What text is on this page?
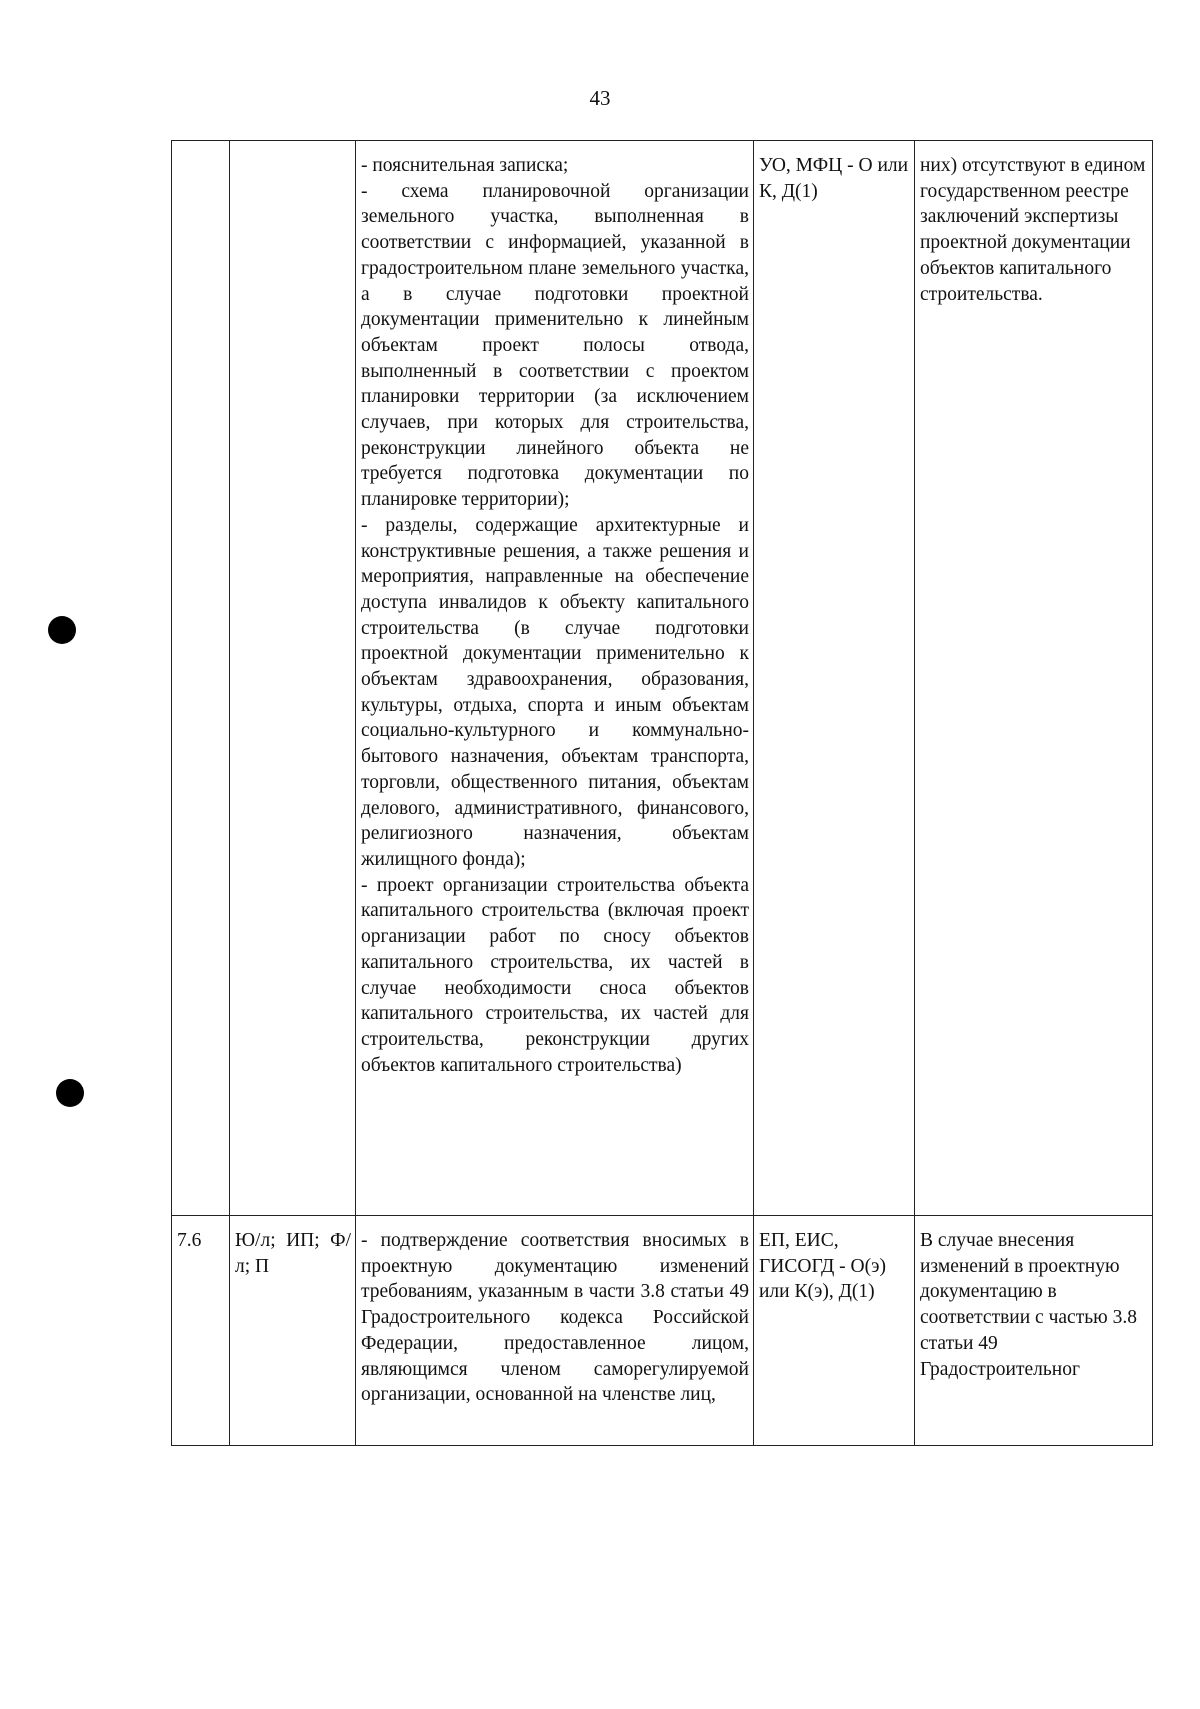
43

		- пояснительная записка;

- схема планировочной организации земельного участка, выполненная в соответствии с информацией, указанной в градостроительном плане земельного участка, а в случае подготовки проектной документации применительно к линейным объектам проект полосы отвода, выполненный в соответствии с проектом планировки территории (за исключением случаев, при которых для строительства, реконструкции линейного объекта не требуется подготовка документации по планировке территории);

- разделы, содержащие архитектурные и конструктивные решения, а также решения и мероприятия, направленные на обеспечение доступа инвалидов к объекту капитального строительства (в случае подготовки проектной документации применительно к объектам здравоохранения, образования, культуры, отдыха, спорта и иным объектам социально-культурного и коммунально-бытового назначения, объектам транспорта, торговли, общественного питания, объектам делового, административного, финансового, религиозного назначения, объектам жилищного фонда);

- проект организации строительства объекта капитального строительства (включая проект организации работ по сносу объектов капитального строительства, их частей в случае необходимости сноса объектов капитального строительства, их частей для строительства, реконструкции других объектов капитального строительства)	УО, МФЦ - О или К, Д(1)	них) отсутствуют в едином государственном реестре заключений экспертизы проектной документации объектов капитального строительства.
7.6	Ю/л; ИП; Ф/л; П	- подтверждение соответствия вносимых в проектную документацию изменений требованиям, указанным в части 3.8 статьи 49 Градостроительного кодекса Российской Федерации, предоставленное лицом, являющимся членом саморегулируемой организации, основанной на членстве лиц,	ЕП, ЕИС, ГИСОГД - О(э) или К(э), Д(1)	В случае внесения изменений в проектную документацию в соответствии с частью 3.8 статьи 49 Градостроительног
